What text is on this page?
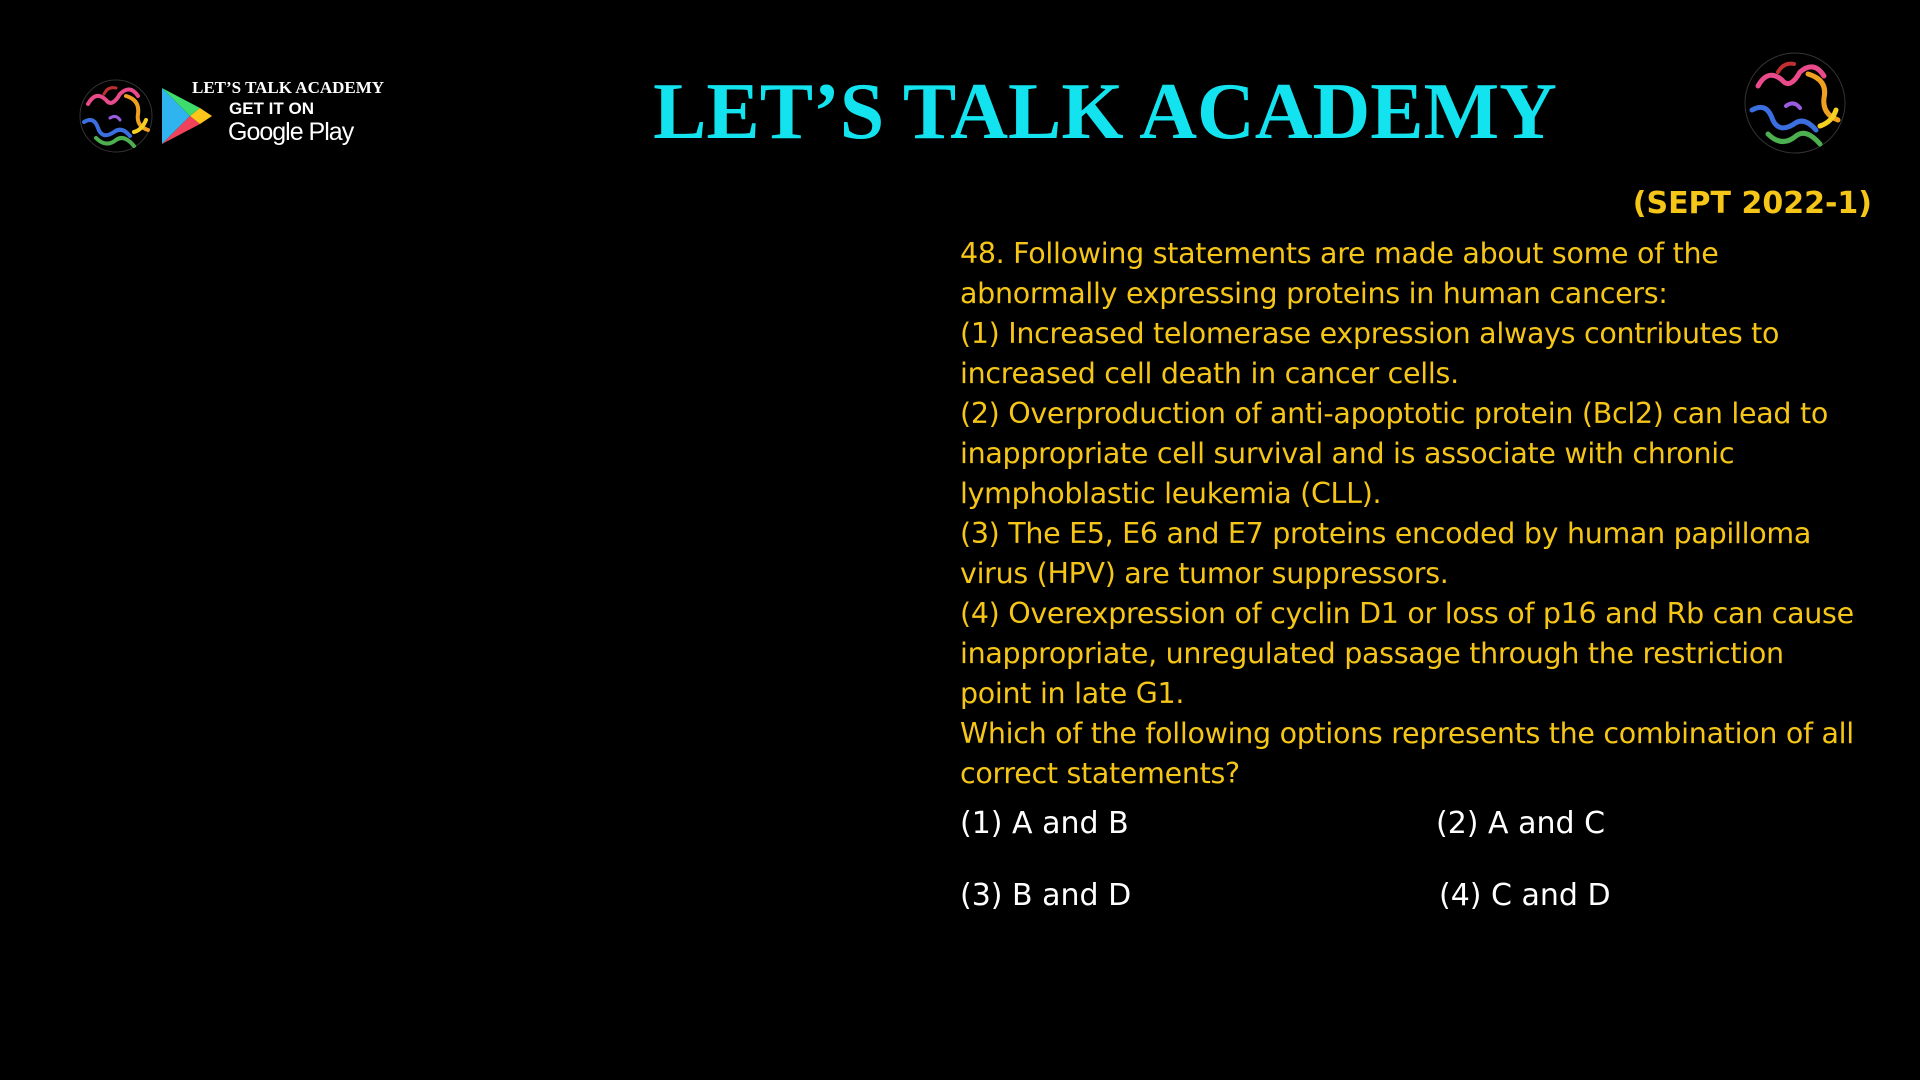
LET’S TALK ACADEMY
GET IT ON
Google Play	LET’S TALK ACADEMY
(SEPT 2022-1)

48. Following statements are made about some of the abnormally expressing proteins in human cancers:

(1) Increased telomerase expression always contributes to increased cell death in cancer cells.

(2) Overproduction of anti-apoptotic protein (Bcl2) can lead to inappropriate cell survival and is associate with chronic lymphoblastic leukemia (CLL).

(3) The E5, E6 and E7 proteins encoded by human papilloma virus (HPV) are tumor suppressors.

(4) Overexpression of cyclin D1 or loss of p16 and Rb can cause inappropriate, unregulated passage through the restriction point in late G1.

Which of the following options represents the combination of all correct statements?

(1) A and B	(2) A and C
(3) B and D	(4) C and D
